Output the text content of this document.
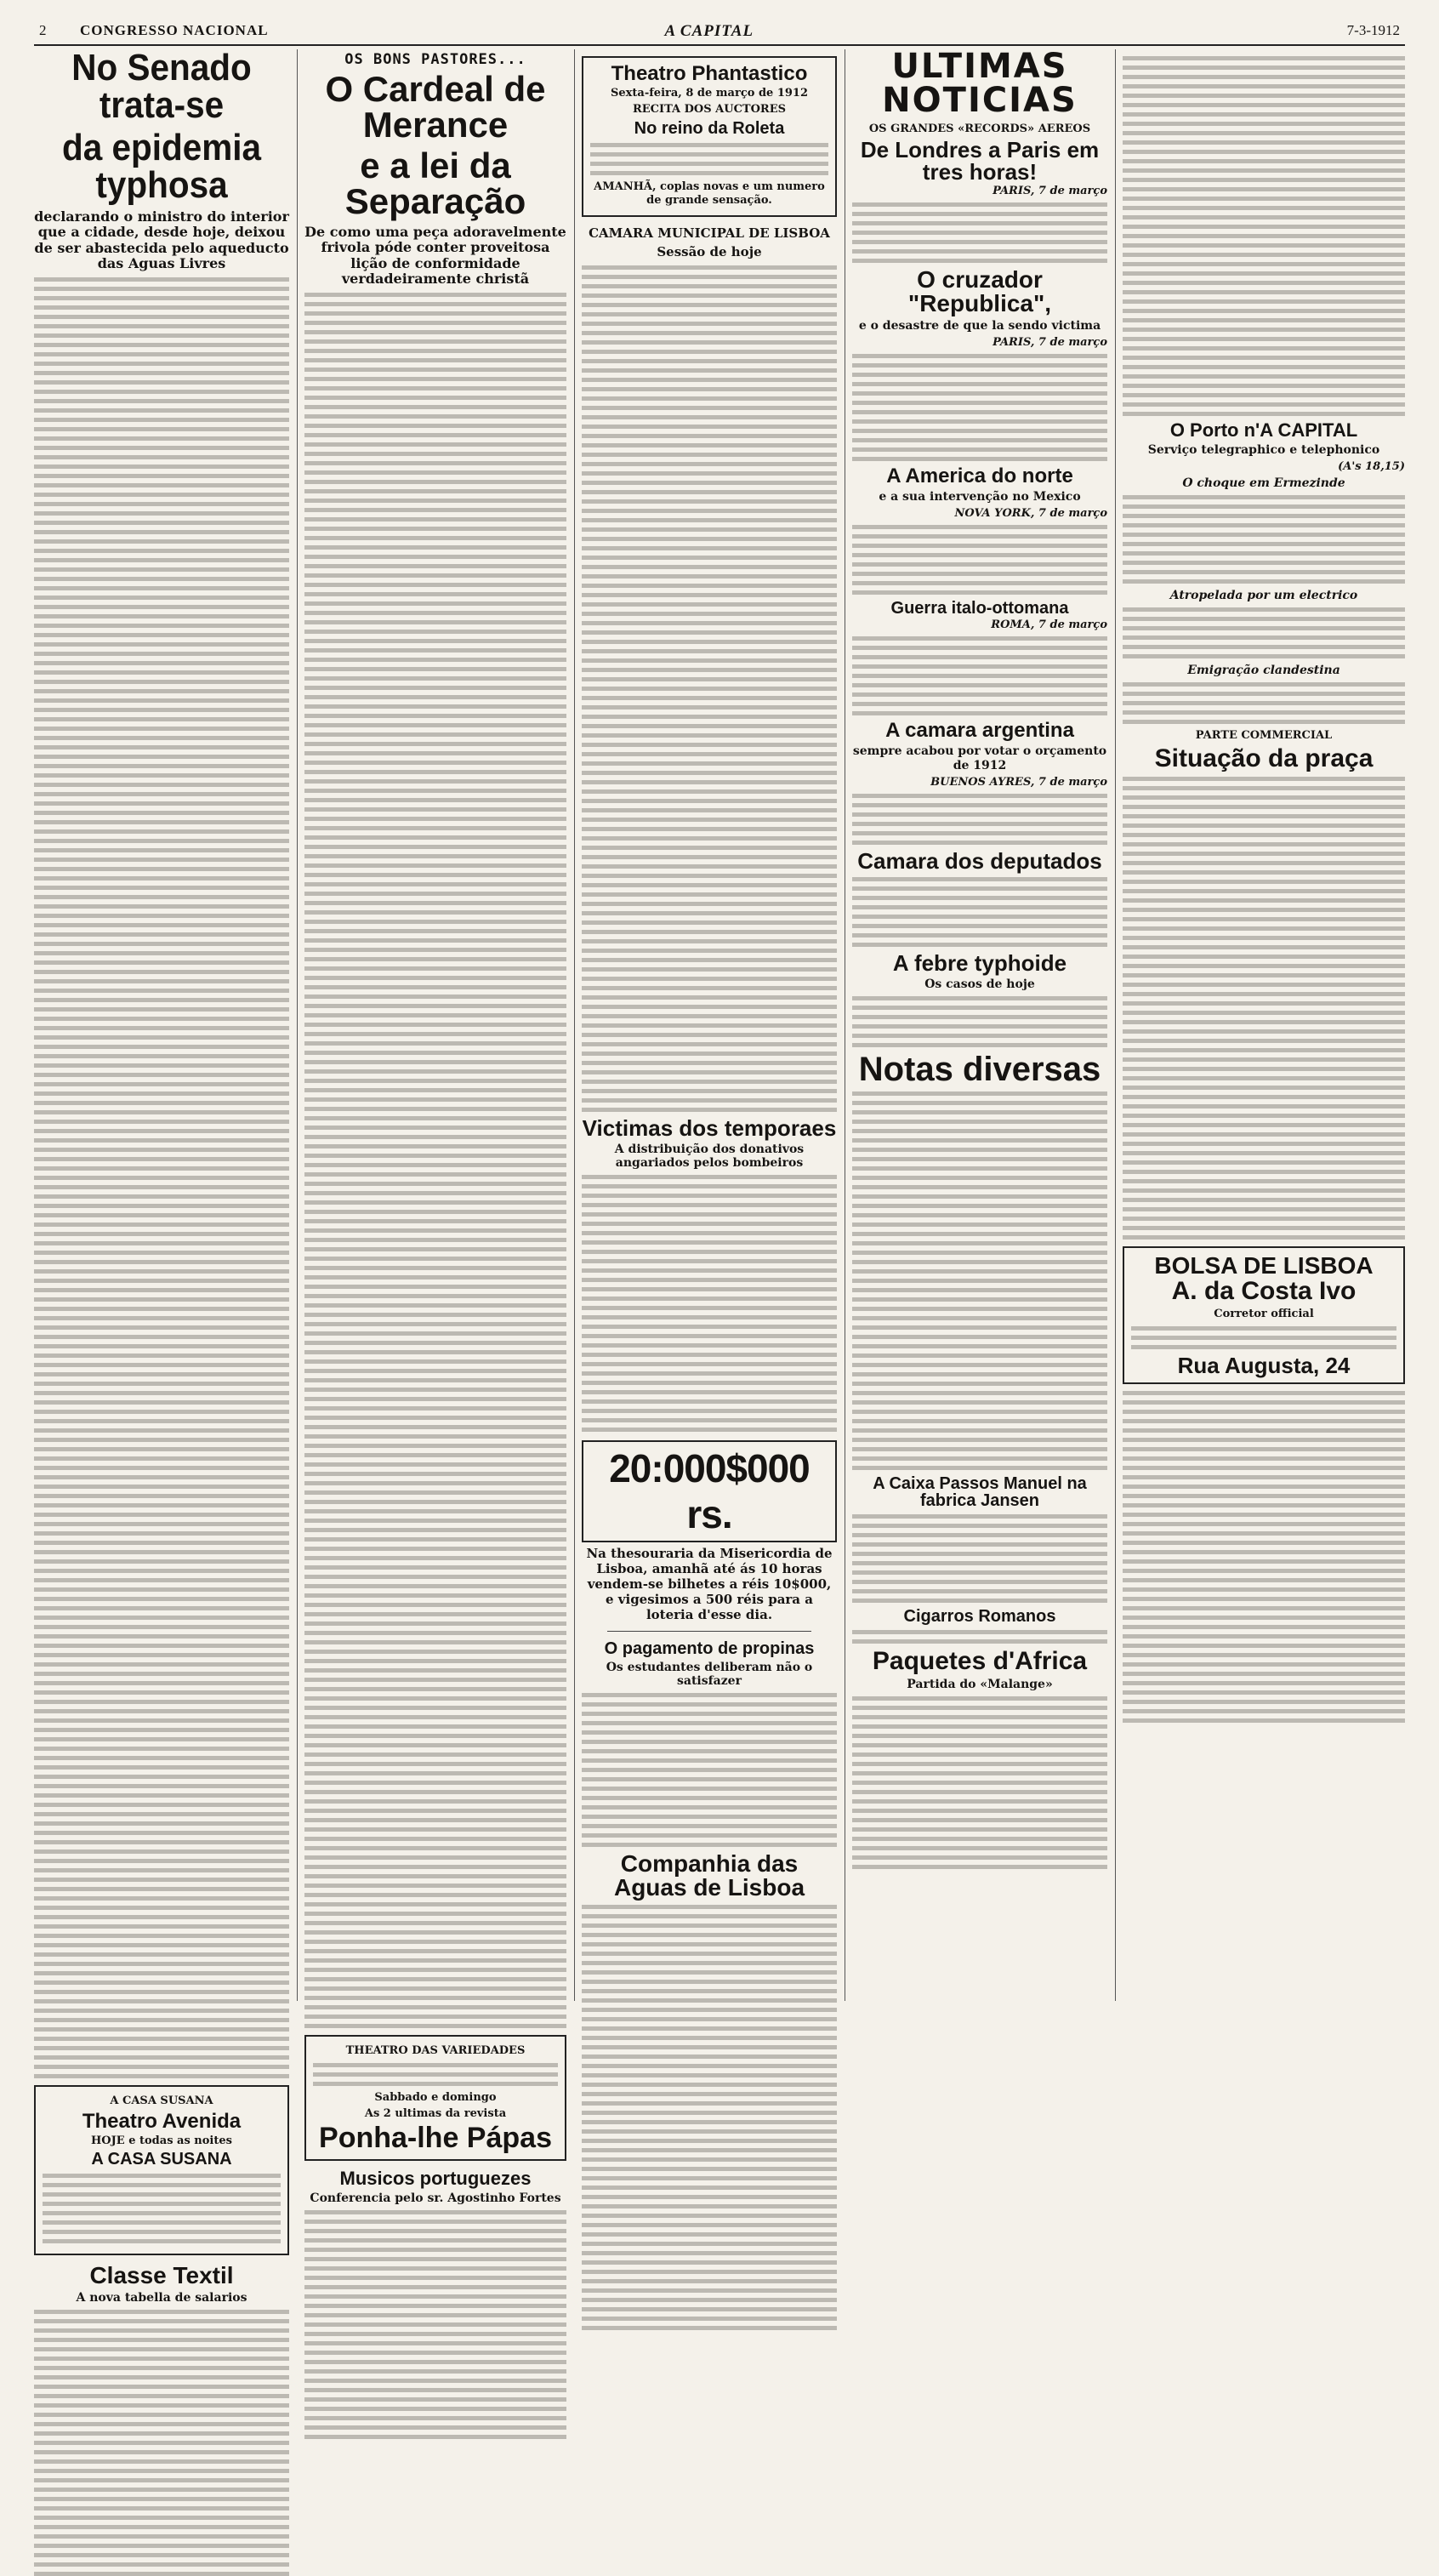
2 CONGRESSO NACIONAL	A CAPITAL	7-3-1912
No Senado trata-se
da epidemia typhosa
declarando o ministro do interior que a cidade, desde hoje, deixou de ser abastecida pelo aqueducto das Aguas Livres
A CASA SUSANA
Theatro Avenida
HOJE e todas as noites
A CASA SUSANA
Classe Textil
A nova tabella de salarios
OS BONS PASTORES...
O Cardeal de Merance
e a lei da Separação
De como uma peça adoravelmente frivola póde conter proveitosa lição de conformidade verdadeiramente christã
THEATRO DAS VARIEDADES
Sabbado e domingo
As 2 ultimas da revista
Ponha-lhe Pápas
Musicos portuguezes
Conferencia pelo sr. Agostinho Fortes
Theatro Phantastico
Sexta-feira, 8 de março de 1912
RECITA DOS AUCTORES
No reino da Roleta
AMANHÃ, coplas novas e um numero de grande sensação.
CAMARA MUNICIPAL DE LISBOA
Sessão de hoje
Victimas dos temporaes
A distribuição dos donativos angariados pelos bombeiros
20:000$000 rs.
Na thesouraria da Misericordia de Lisboa, amanhã até ás 10 horas vendem-se bilhetes a réis 10$000, e vigesimos a 500 réis para a loteria d'esse dia.
O pagamento de propinas
Os estudantes deliberam não o satisfazer
Companhia das Aguas de Lisboa
ULTIMAS NOTICIAS
OS GRANDES «RECORDS» AEREOS
De Londres a Paris em tres horas!
PARIS, 7 de março
O cruzador "Republica",
e o desastre de que la sendo victima
PARIS, 7 de março
A America do norte
e a sua intervenção no Mexico
NOVA YORK, 7 de março
Guerra italo-ottomana
ROMA, 7 de março
A camara argentina
sempre acabou por votar o orçamento de 1912
BUENOS AYRES, 7 de março
Camara dos deputados
A febre typhoide
Os casos de hoje
Notas diversas
A Caixa Passos Manuel na fabrica Jansen
Cigarros Romanos
Paquetes d'Africa
Partida do «Malange»
O Porto n'A CAPITAL
Serviço telegraphico e telephonico
(A's 18,15)
O choque em Ermezinde
Atropelada por um electrico
Emigração clandestina
PARTE COMMERCIAL
Situação da praça
BOLSA DE LISBOA
A. da Costa Ivo
Corretor official
Rua Augusta, 24
